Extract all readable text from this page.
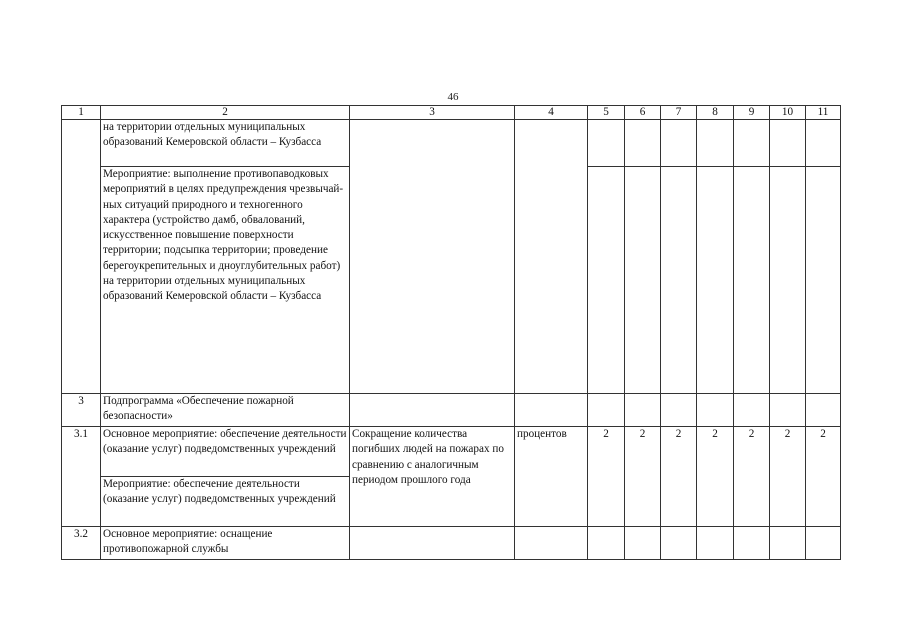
46
1	2	3	4	5	6	7	8	9	10	11
	на территории отдельных муниципальных образований Кемеровской области – Кузбасса									
	Мероприятие: выполнение противопаводковых мероприятий в целях предупреждения чрезвычай-ных ситуаций природного и техногенного характера (устройство дамб, обвалований, искусственное повышение поверхности территории; подсыпка территории; проведение берегоукрепительных и дноуглубительных работ) на территории отдельных муниципальных образований Кемеровской области – Кузбасса									
3	Подпрограмма «Обеспечение пожарной безопасности»									
3.1	Основное мероприятие: обеспечение деятельности (оказание услуг) подведомственных учреждений	Сокращение количества погибших людей на пожарах по сравнению с аналогичным периодом прошлого года	процентов	2	2	2	2	2	2	2
	Мероприятие: обеспечение деятельности (оказание услуг) подведомственных учреждений									
3.2	Основное мероприятие: оснащение противопожарной службы									
